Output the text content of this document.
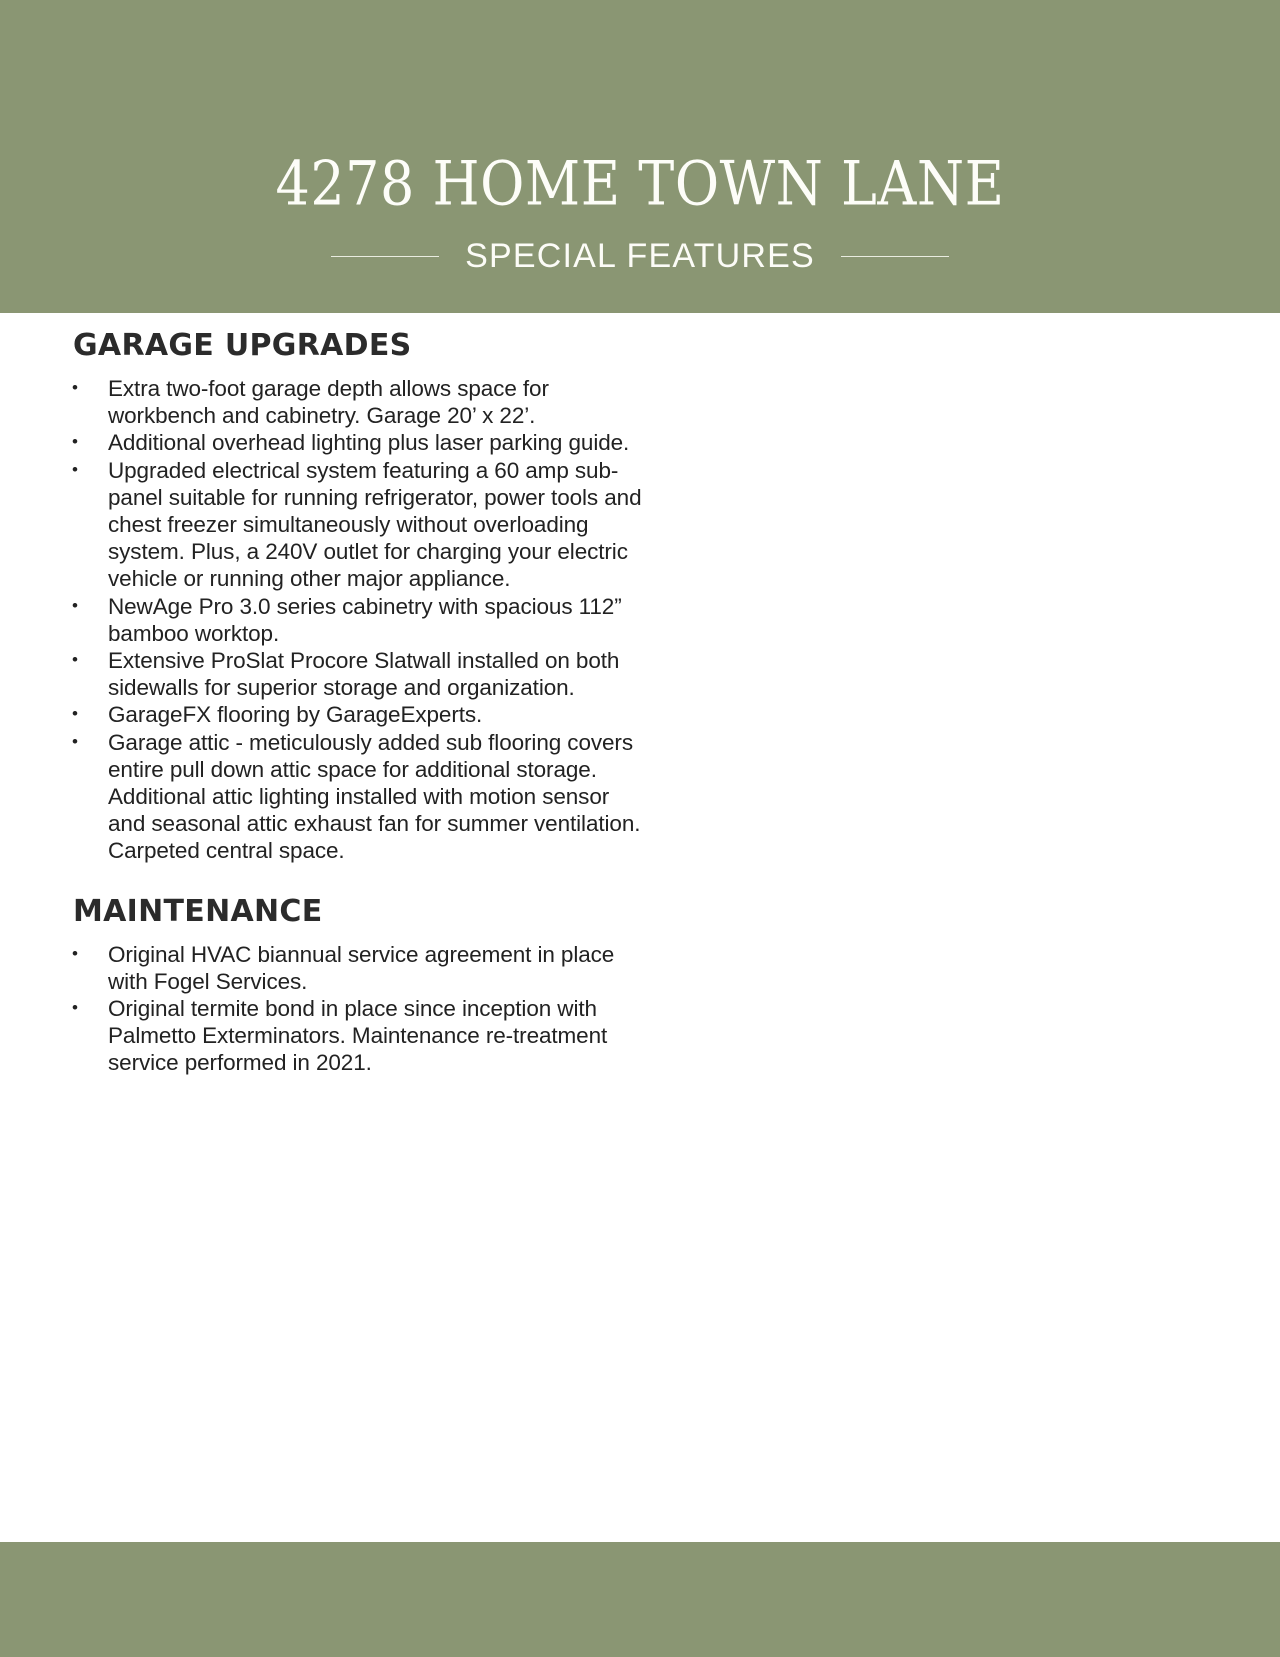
4278 HOME TOWN LANE
SPECIAL FEATURES
GARAGE UPGRADES
• Extra two-foot garage depth allows space for workbench and cabinetry. Garage 20’ x 22’.
• Additional overhead lighting plus laser parking guide.
• Upgraded electrical system featuring a 60 amp sub-panel suitable for running refrigerator, power tools and chest freezer simultaneously without overloading system. Plus, a 240V outlet for charging your electric vehicle or running other major appliance.
• NewAge Pro 3.0 series cabinetry with spacious 112” bamboo worktop.
• Extensive ProSlat Procore Slatwall installed on both sidewalls for superior storage and organization.
• GarageFX flooring by GarageExperts.
• Garage attic - meticulously added sub flooring covers entire pull down attic space for additional storage. Additional attic lighting installed with motion sensor and seasonal attic exhaust fan for summer ventilation. Carpeted central space.
MAINTENANCE
• Original HVAC biannual service agreement in place with Fogel Services.
• Original termite bond in place since inception with Palmetto Exterminators. Maintenance re-treatment service performed in 2021.
